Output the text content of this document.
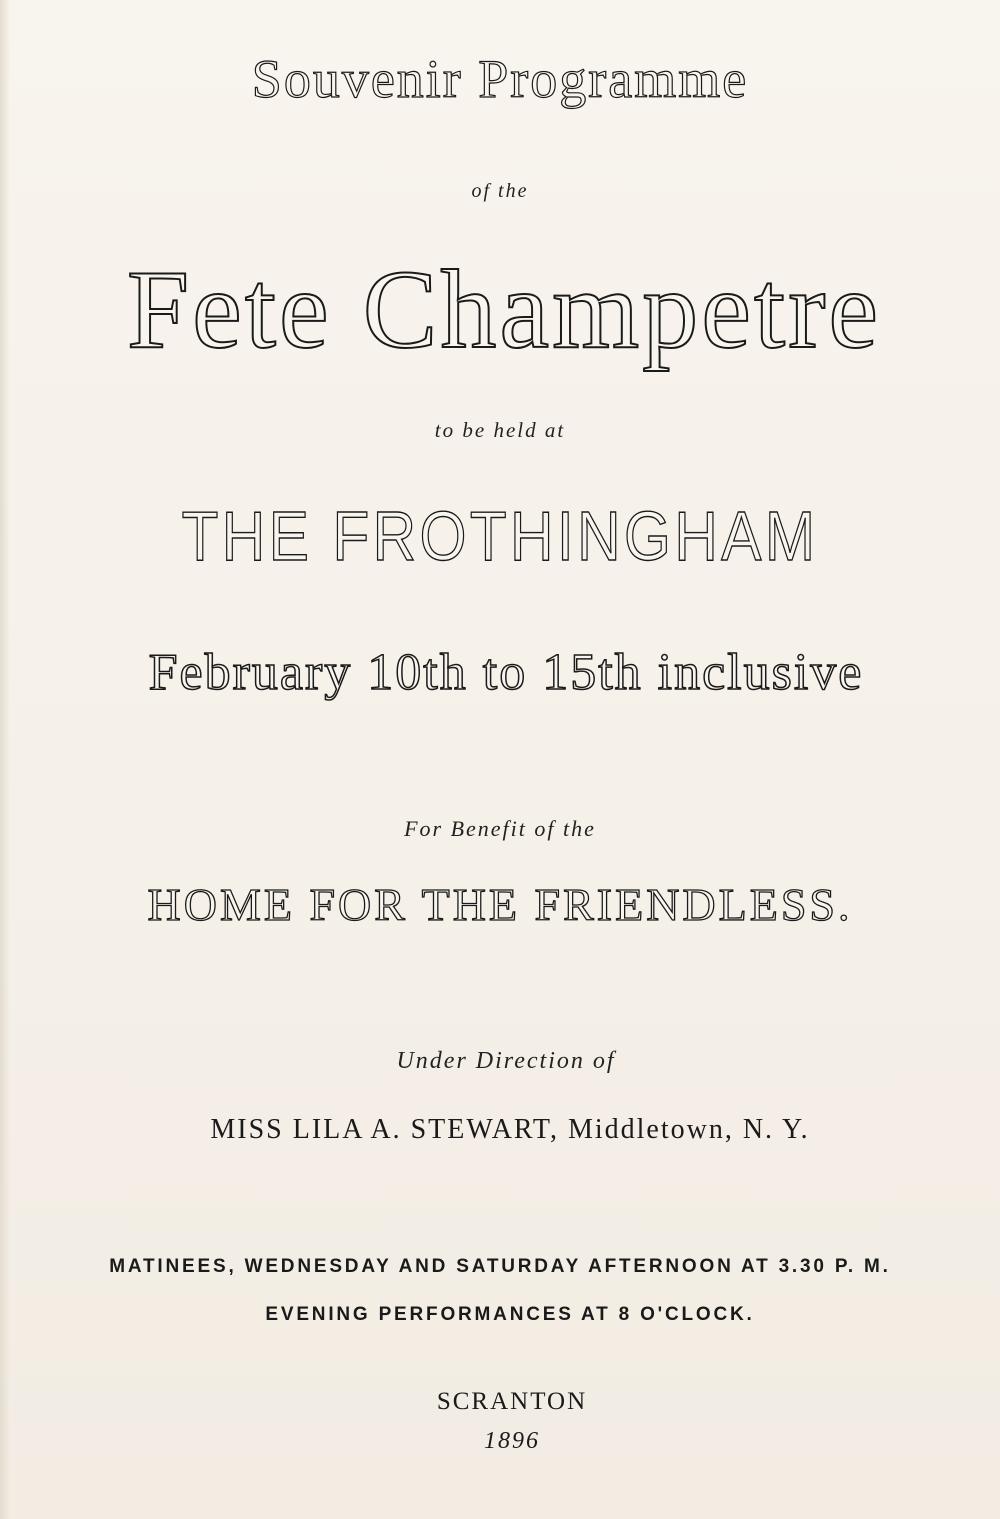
Souvenir Programme
of the
Fete Champetre
to be held at
THE FROTHINGHAM
February 10th to 15th inclusive
For Benefit of the
HOME FOR THE FRIENDLESS.
Under Direction of
MISS LILA A. STEWART, Middletown, N. Y.
MATINEES, WEDNESDAY AND SATURDAY AFTERNOON AT 3.30 P. M.
EVENING PERFORMANCES AT 8 O'CLOCK.
SCRANTON
1896
